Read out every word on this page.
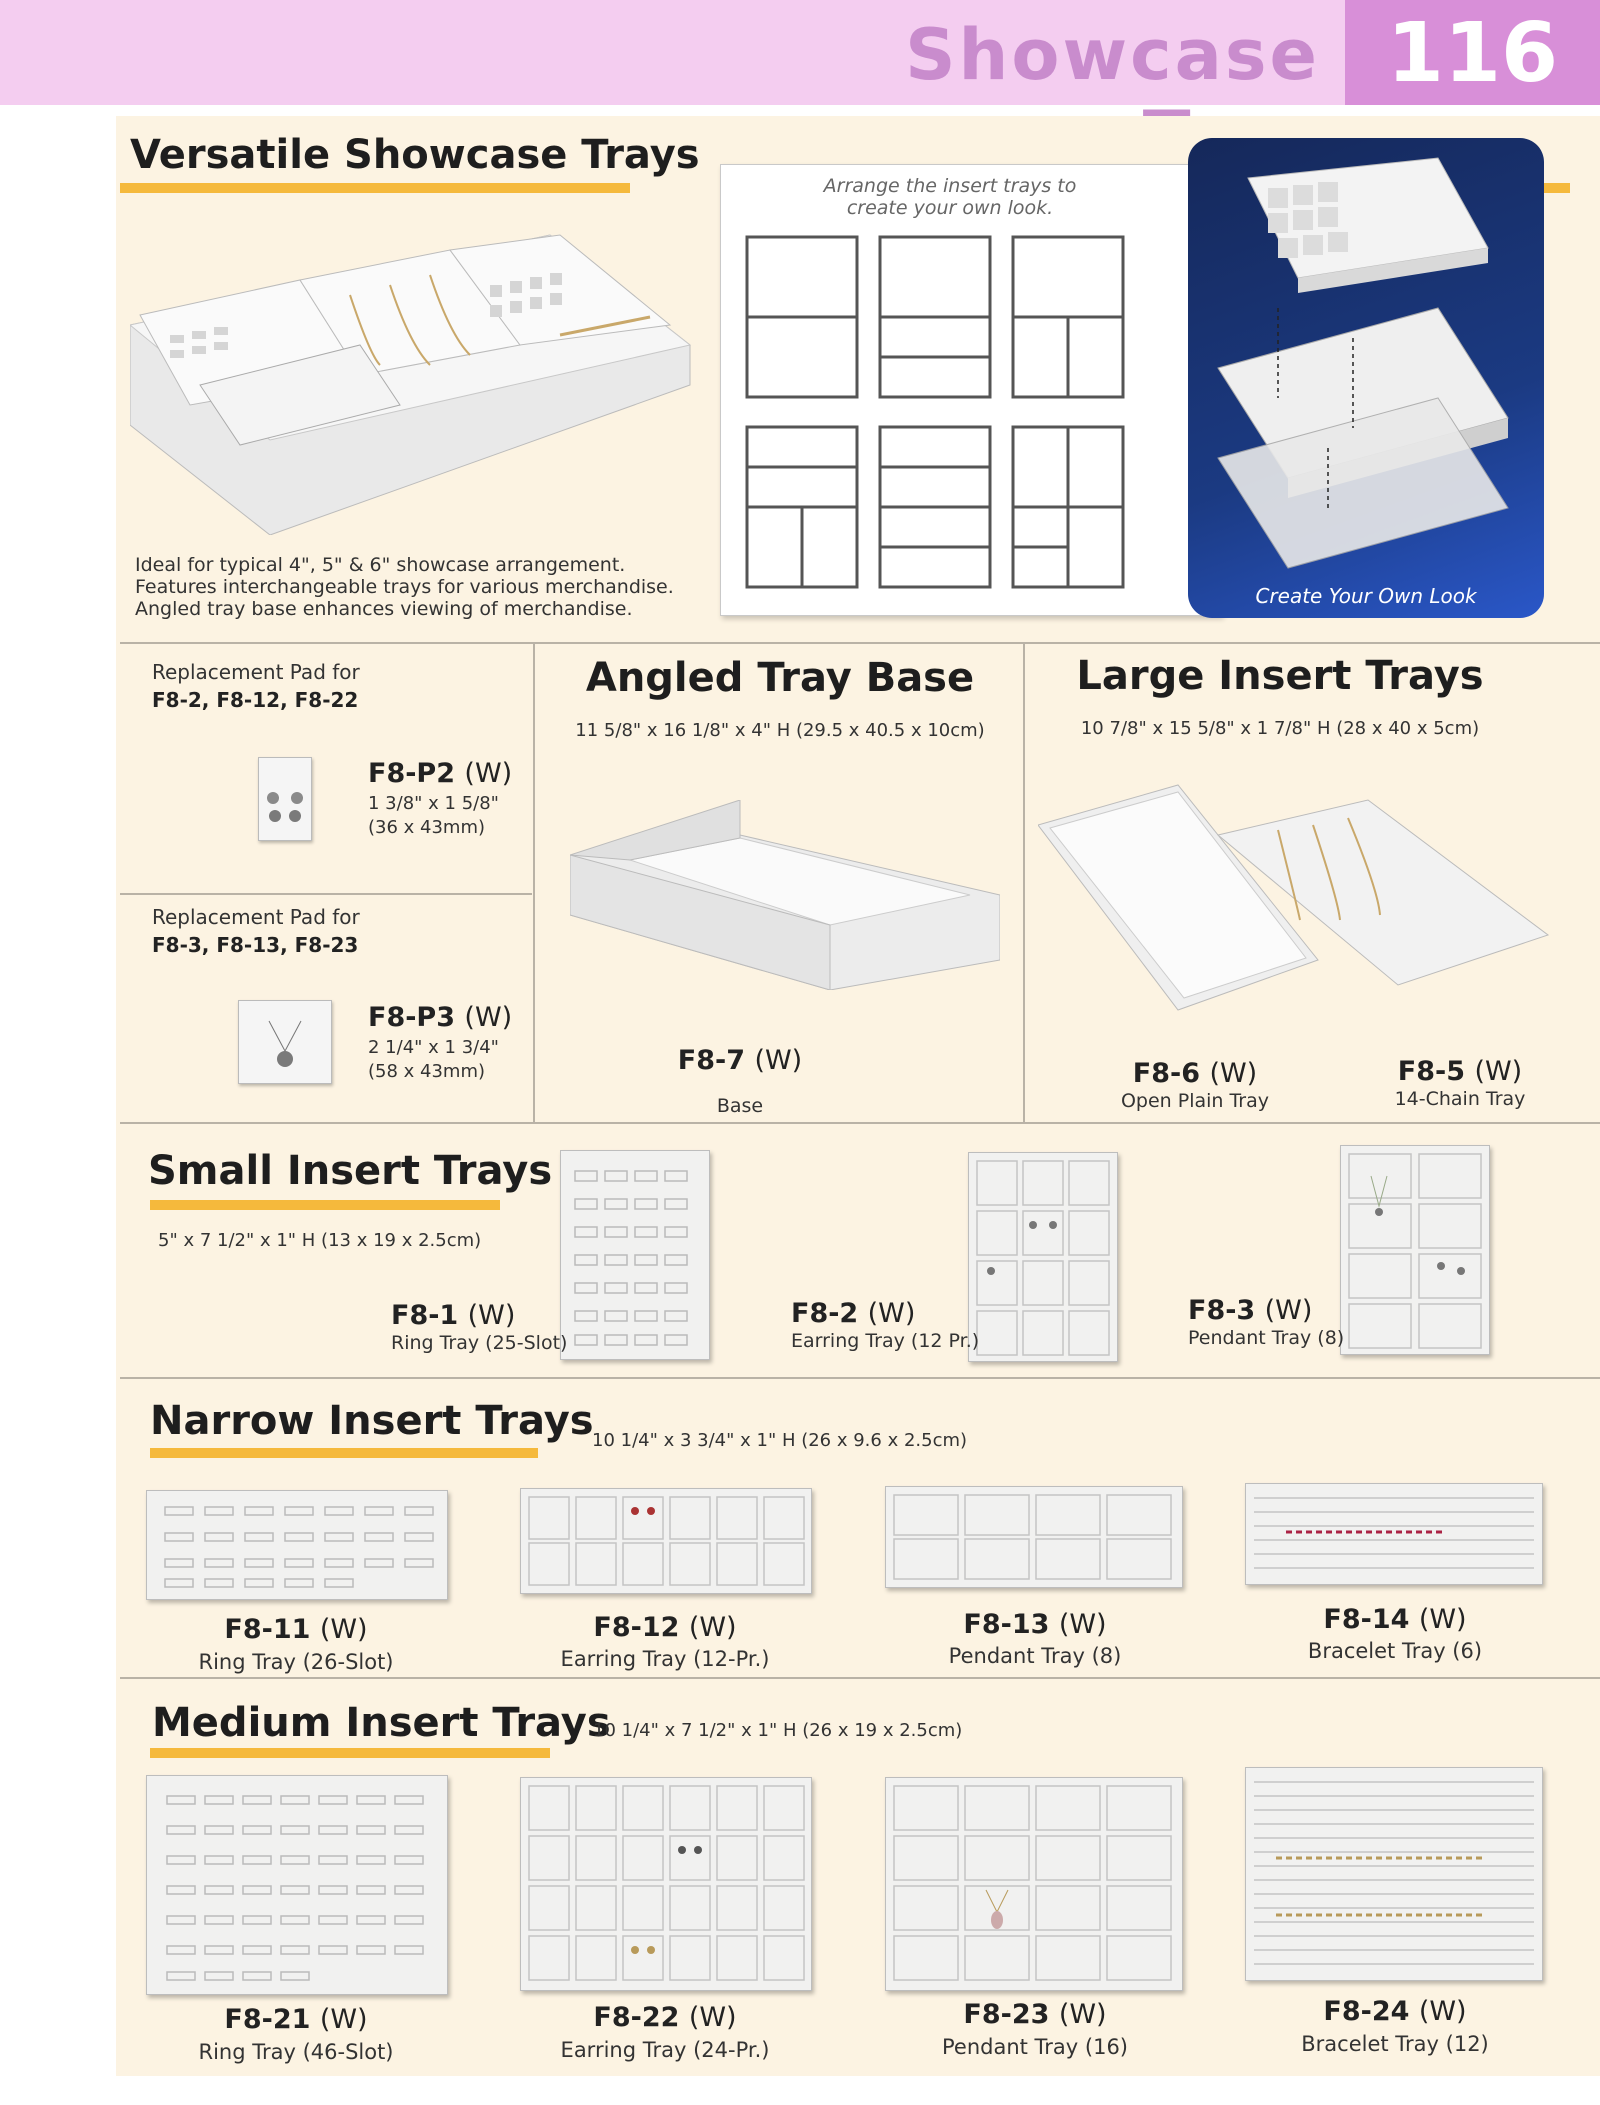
Showcase 116
Versatile Showcase Trays
Ideal for typical 4", 5" & 6" showcase arrangement.
Features interchangeable trays for various merchandise.
Angled tray base enhances viewing of merchandise.
Arrange the insert trays to
create your own look.
Create Your Own Look
Replacement Pad for
F8-2, F8-12, F8-22
F8-P2 (W)
1 3/8" x 1 5/8"
(36 x 43mm)
Replacement Pad for
F8-3, F8-13, F8-23
F8-P3 (W)
2 1/4" x 1 3/4"
(58 x 43mm)
Angled Tray Base
11 5/8" x 16 1/8" x 4" H (29.5 x 40.5 x 10cm)
F8-7 (W)
Base
Large Insert Trays
10 7/8" x 15 5/8" x 1 7/8" H (28 x 40 x 5cm)
F8-6 (W)
Open Plain Tray
F8-5 (W)
14-Chain Tray
Small Insert Trays
5" x 7 1/2" x 1" H (13 x 19 x 2.5cm)
F8-1 (W)
Ring Tray (25-Slot)
F8-2 (W)
Earring Tray (12 Pr.)
F8-3 (W)
Pendant Tray (8)
Narrow Insert Trays
10 1/4" x 3 3/4" x 1" H (26 x 9.6 x 2.5cm)
F8-11 (W)
Ring Tray (26-Slot)
F8-12 (W)
Earring Tray (12-Pr.)
F8-13 (W)
Pendant Tray (8)
F8-14 (W)
Bracelet Tray (6)
Medium Insert Trays
10 1/4" x 7 1/2" x 1" H (26 x 19 x 2.5cm)
F8-21 (W)
Ring Tray (46-Slot)
F8-22 (W)
Earring Tray (24-Pr.)
F8-23 (W)
Pendant Tray (16)
F8-24 (W)
Bracelet Tray (12)
